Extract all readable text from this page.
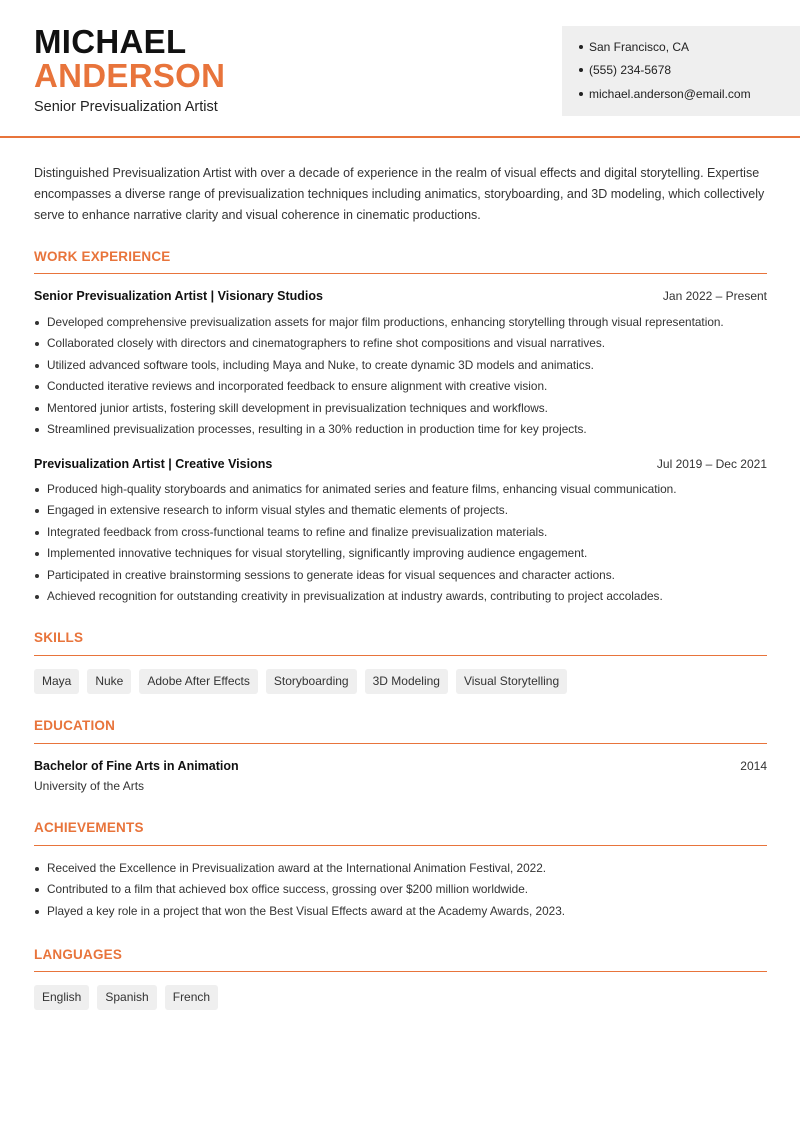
MICHAEL
ANDERSON
Senior Previsualization Artist
San Francisco, CA
(555) 234-5678
michael.anderson@email.com

Distinguished Previsualization Artist with over a decade of experience in the realm of visual effects and digital storytelling. Expertise encompasses a diverse range of previsualization techniques including animatics, storyboarding, and 3D modeling, which collectively serve to enhance narrative clarity and visual coherence in cinematic productions.

WORK EXPERIENCE
Senior Previsualization Artist | Visionary Studios	Jan 2022 – Present
Developed comprehensive previsualization assets for major film productions, enhancing storytelling through visual representation.
Collaborated closely with directors and cinematographers to refine shot compositions and visual narratives.
Utilized advanced software tools, including Maya and Nuke, to create dynamic 3D models and animatics.
Conducted iterative reviews and incorporated feedback to ensure alignment with creative vision.
Mentored junior artists, fostering skill development in previsualization techniques and workflows.
Streamlined previsualization processes, resulting in a 30% reduction in production time for key projects.
Previsualization Artist | Creative Visions	Jul 2019 – Dec 2021
Produced high-quality storyboards and animatics for animated series and feature films, enhancing visual communication.
Engaged in extensive research to inform visual styles and thematic elements of projects.
Integrated feedback from cross-functional teams to refine and finalize previsualization materials.
Implemented innovative techniques for visual storytelling, significantly improving audience engagement.
Participated in creative brainstorming sessions to generate ideas for visual sequences and character actions.
Achieved recognition for outstanding creativity in previsualization at industry awards, contributing to project accolades.
SKILLS
Maya	Nuke	Adobe After Effects	Storyboarding	3D Modeling	Visual Storytelling
EDUCATION
Bachelor of Fine Arts in Animation	2014
University of the Arts
ACHIEVEMENTS
Received the Excellence in Previsualization award at the International Animation Festival, 2022.
Contributed to a film that achieved box office success, grossing over $200 million worldwide.
Played a key role in a project that won the Best Visual Effects award at the Academy Awards, 2023.
LANGUAGES
English	Spanish	French
